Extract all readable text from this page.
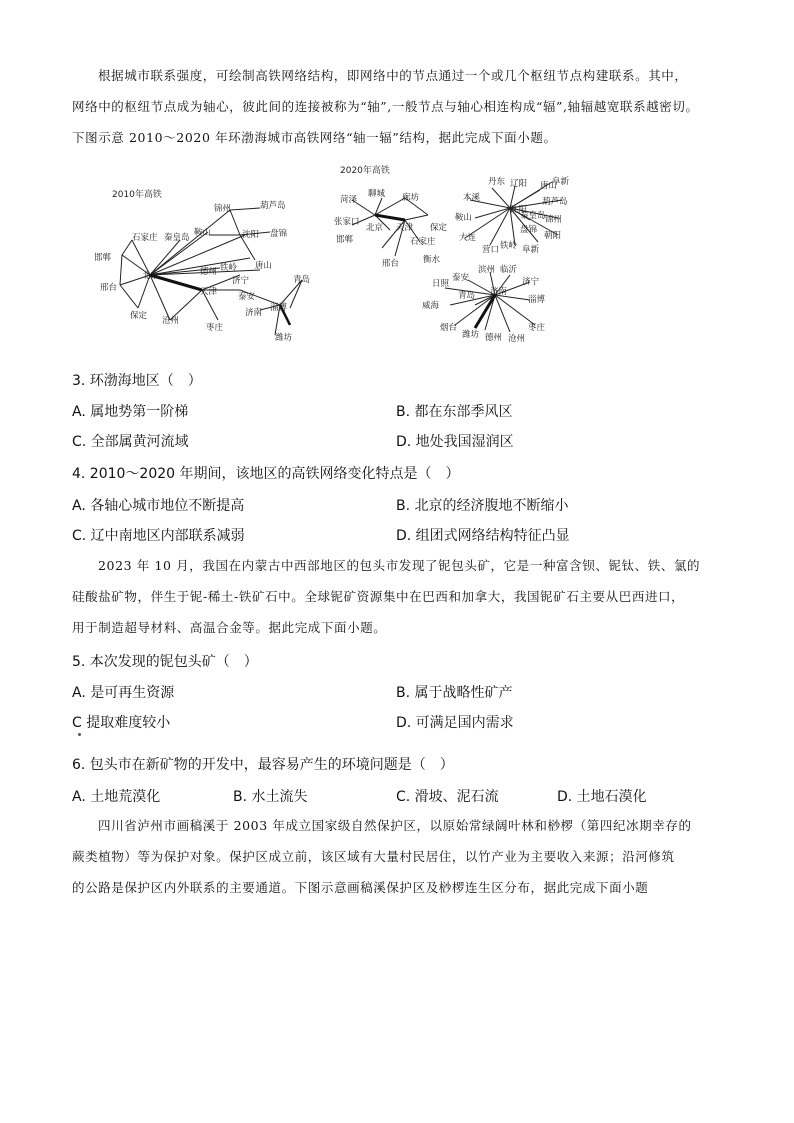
根据城市联系强度，可绘制高铁网络结构，即网络中的节点通过一个或几个枢纽节点构建联系。其中，
网络中的枢纽节点成为轴心，彼此间的连接被称为“轴”,一般节点与轴心相连构成“辐”,轴辐越宽联系越密切。
下图示意 2010～2020 年环渤海城市高铁网络“轴一辐”结构，据此完成下面小题。
2010年高铁
锦州	葫芦岛
石家庄 秦皇岛 鞍山	沈阳 盘锦
邯郸
北京	德州 铁岭 唐山
济宁
邢台	天津 泰安
青岛
保定 沧州
济南 淄博
枣庄
潍坊
2020年高铁
菏泽
聊城 廊坊
张家口
北京 天津 保定
邯郸	石家庄
邢台	衡水
丹东 辽阳 唐山
阜新
本溪	葫芦岛
沈阳
鞍山	秦皇岛 锦州
大连
盘锦
朝阳
营口 铁岭 阜新
滨州 临沂
日照
泰安
济南
济宁
威海
青岛	淄博
烟台	枣庄
潍坊 德州 沧州
3. 环渤海地区（　）
A. 属地势第一阶梯	B. 都在东部季风区
C. 全部属黄河流域	D. 地处我国湿润区
4. 2010～2020 年期间，该地区的高铁网络变化特点是（　）
A. 各轴心城市地位不断提高	B. 北京的经济腹地不断缩小
C. 辽中南地区内部联系减弱	D. 组团式网络结构特征凸显
2023 年 10 月，我国在内蒙古中西部地区的包头市发现了铌包头矿，它是一种富含钡、铌钛、铁、氯的
硅酸盐矿物，伴生于铌-稀土-铁矿石中。全球铌矿资源集中在巴西和加拿大，我国铌矿石主要从巴西进口，
用于制造超导材料、高温合金等。据此完成下面小题。
5. 本次发现的铌包头矿（　）
A. 是可再生资源	B. 属于战略性矿产
C 提取难度较小	D. 可满足国内需求
6. 包头市在新矿物的开发中，最容易产生的环境问题是（　）
A. 土地荒漠化	B. 水土流失	C. 滑坡、泥石流	D. 土地石漠化
四川省泸州市画稿溪于 2003 年成立国家级自然保护区，以原始常绿阔叶林和桫椤（第四纪冰期幸存的
蕨类植物）等为保护对象。保护区成立前，该区域有大量村民居住，以竹产业为主要收入来源；沿河修筑
的公路是保护区内外联系的主要通道。下图示意画稿溪保护区及桫椤连生区分布，据此完成下面小题
